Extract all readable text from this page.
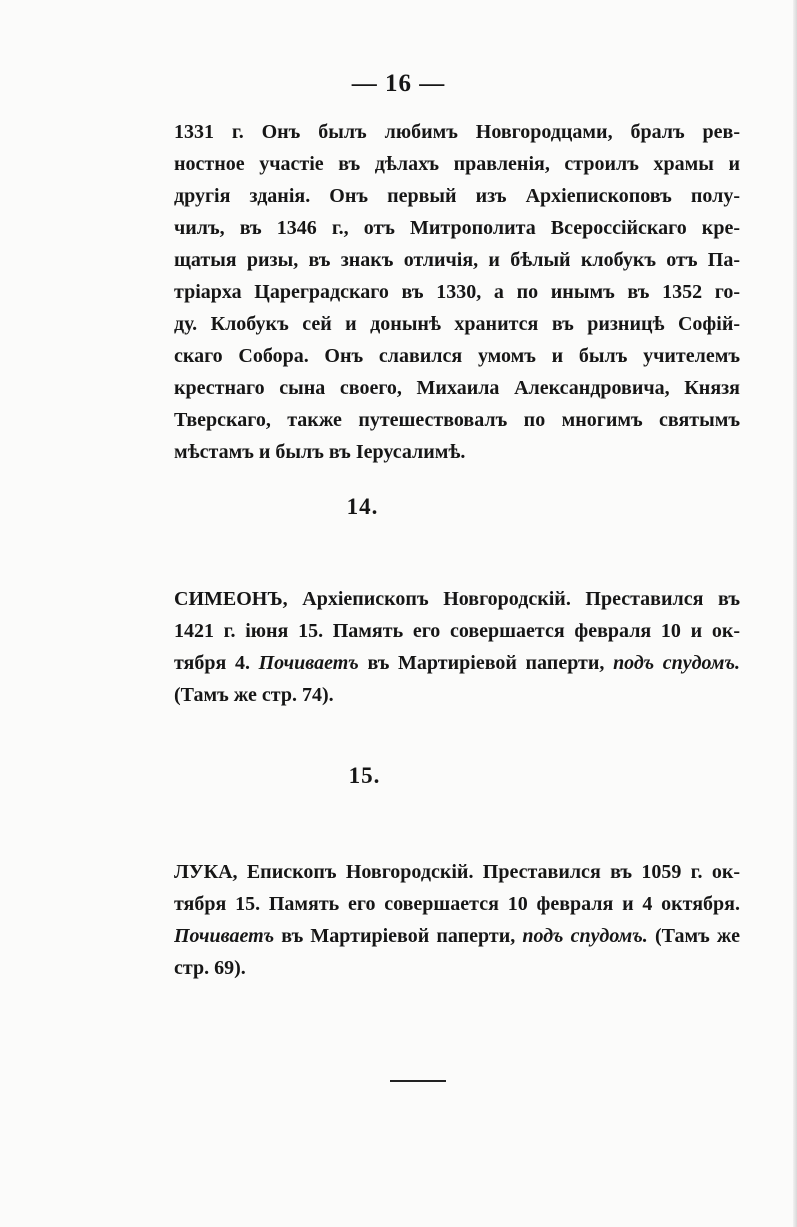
— 16 —
1331 г. Онъ былъ любимъ Новгородцами, бралъ рев-
ностное участіе въ дѣлахъ правленія, строилъ храмы и
другія зданія. Онъ первый изъ Архіепископовъ полу-
чилъ, въ 1346 г., отъ Митрополита Всероссійскаго кре-
щатыя ризы, въ знакъ отличія, и бѣлый клобукъ отъ Па-
тріарха Цареградскаго въ 1330, а по инымъ въ 1352 го-
ду. Клобукъ сей и донынѣ хранится въ ризницѣ Софій-
скаго Собора. Онъ славился умомъ и былъ учителемъ
крестнаго сына своего, Михаила Александровича, Князя
Тверскаго, также путешествовалъ по многимъ святымъ
мѣстамъ и былъ въ Іерусалимѣ.
14.
СИМЕОНЪ, Архіепископъ Новгородскій. Преставился въ
1421 г. іюня 15. Память его совершается февраля 10 и ок-
тября 4. Почиваетъ въ Мартиріевой паперти, подъ спудомъ.
(Тамъ же стр. 74).
15.
ЛУКА, Епископъ Новгородскій. Преставился въ 1059 г. ок-
тября 15. Память его совершается 10 февраля и 4 октября.
Почиваетъ въ Мартиріевой паперти, подъ спудомъ. (Тамъ же
стр. 69).
